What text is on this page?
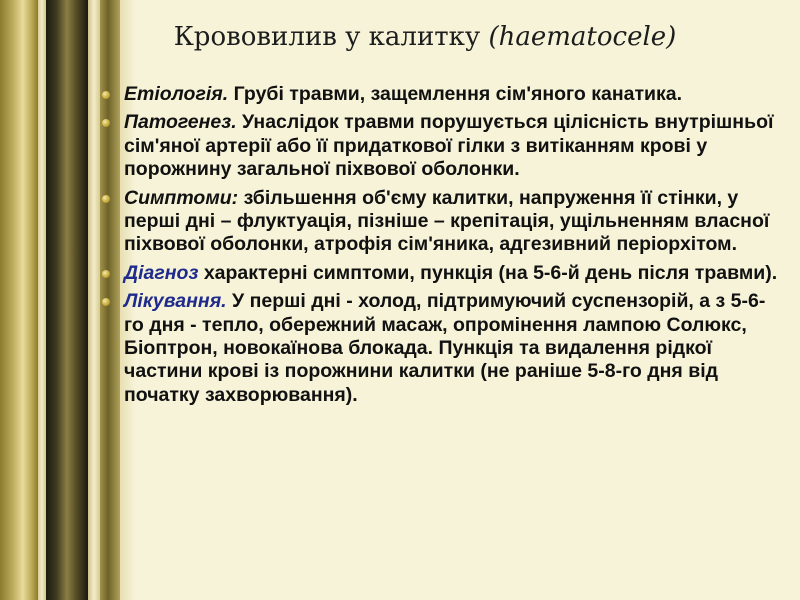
Крововилив у калитку (haematocele)
Етіологія. Грубі травми, защемлення сім'яного канатика.
Патогенез. Унаслідок травми порушується цілісність внутрішньої сім'яної артерії або її придаткової гілки з витіканням крові у порожнину загальної піхвової оболонки.
Симптоми: збільшення об'єму калитки, напруження її стінки, у перші дні – флуктуація, пізніше – крепітація, ущільненням власної піхвової оболонки, атрофія сім'яника, адгезивний періорхітом.
Діагноз характерні симптоми, пункція (на 5-6-й день після травми).
Лікування. У перші дні - холод, підтримуючий суспензорій, а з 5-6-го дня - тепло, обережний масаж, опромінення лампою Солюкс, Біоптрон, новокаїнова блокада. Пункція та видалення рідкої частини крові із порожнини калитки (не раніше 5-8-го дня від початку захворювання).
